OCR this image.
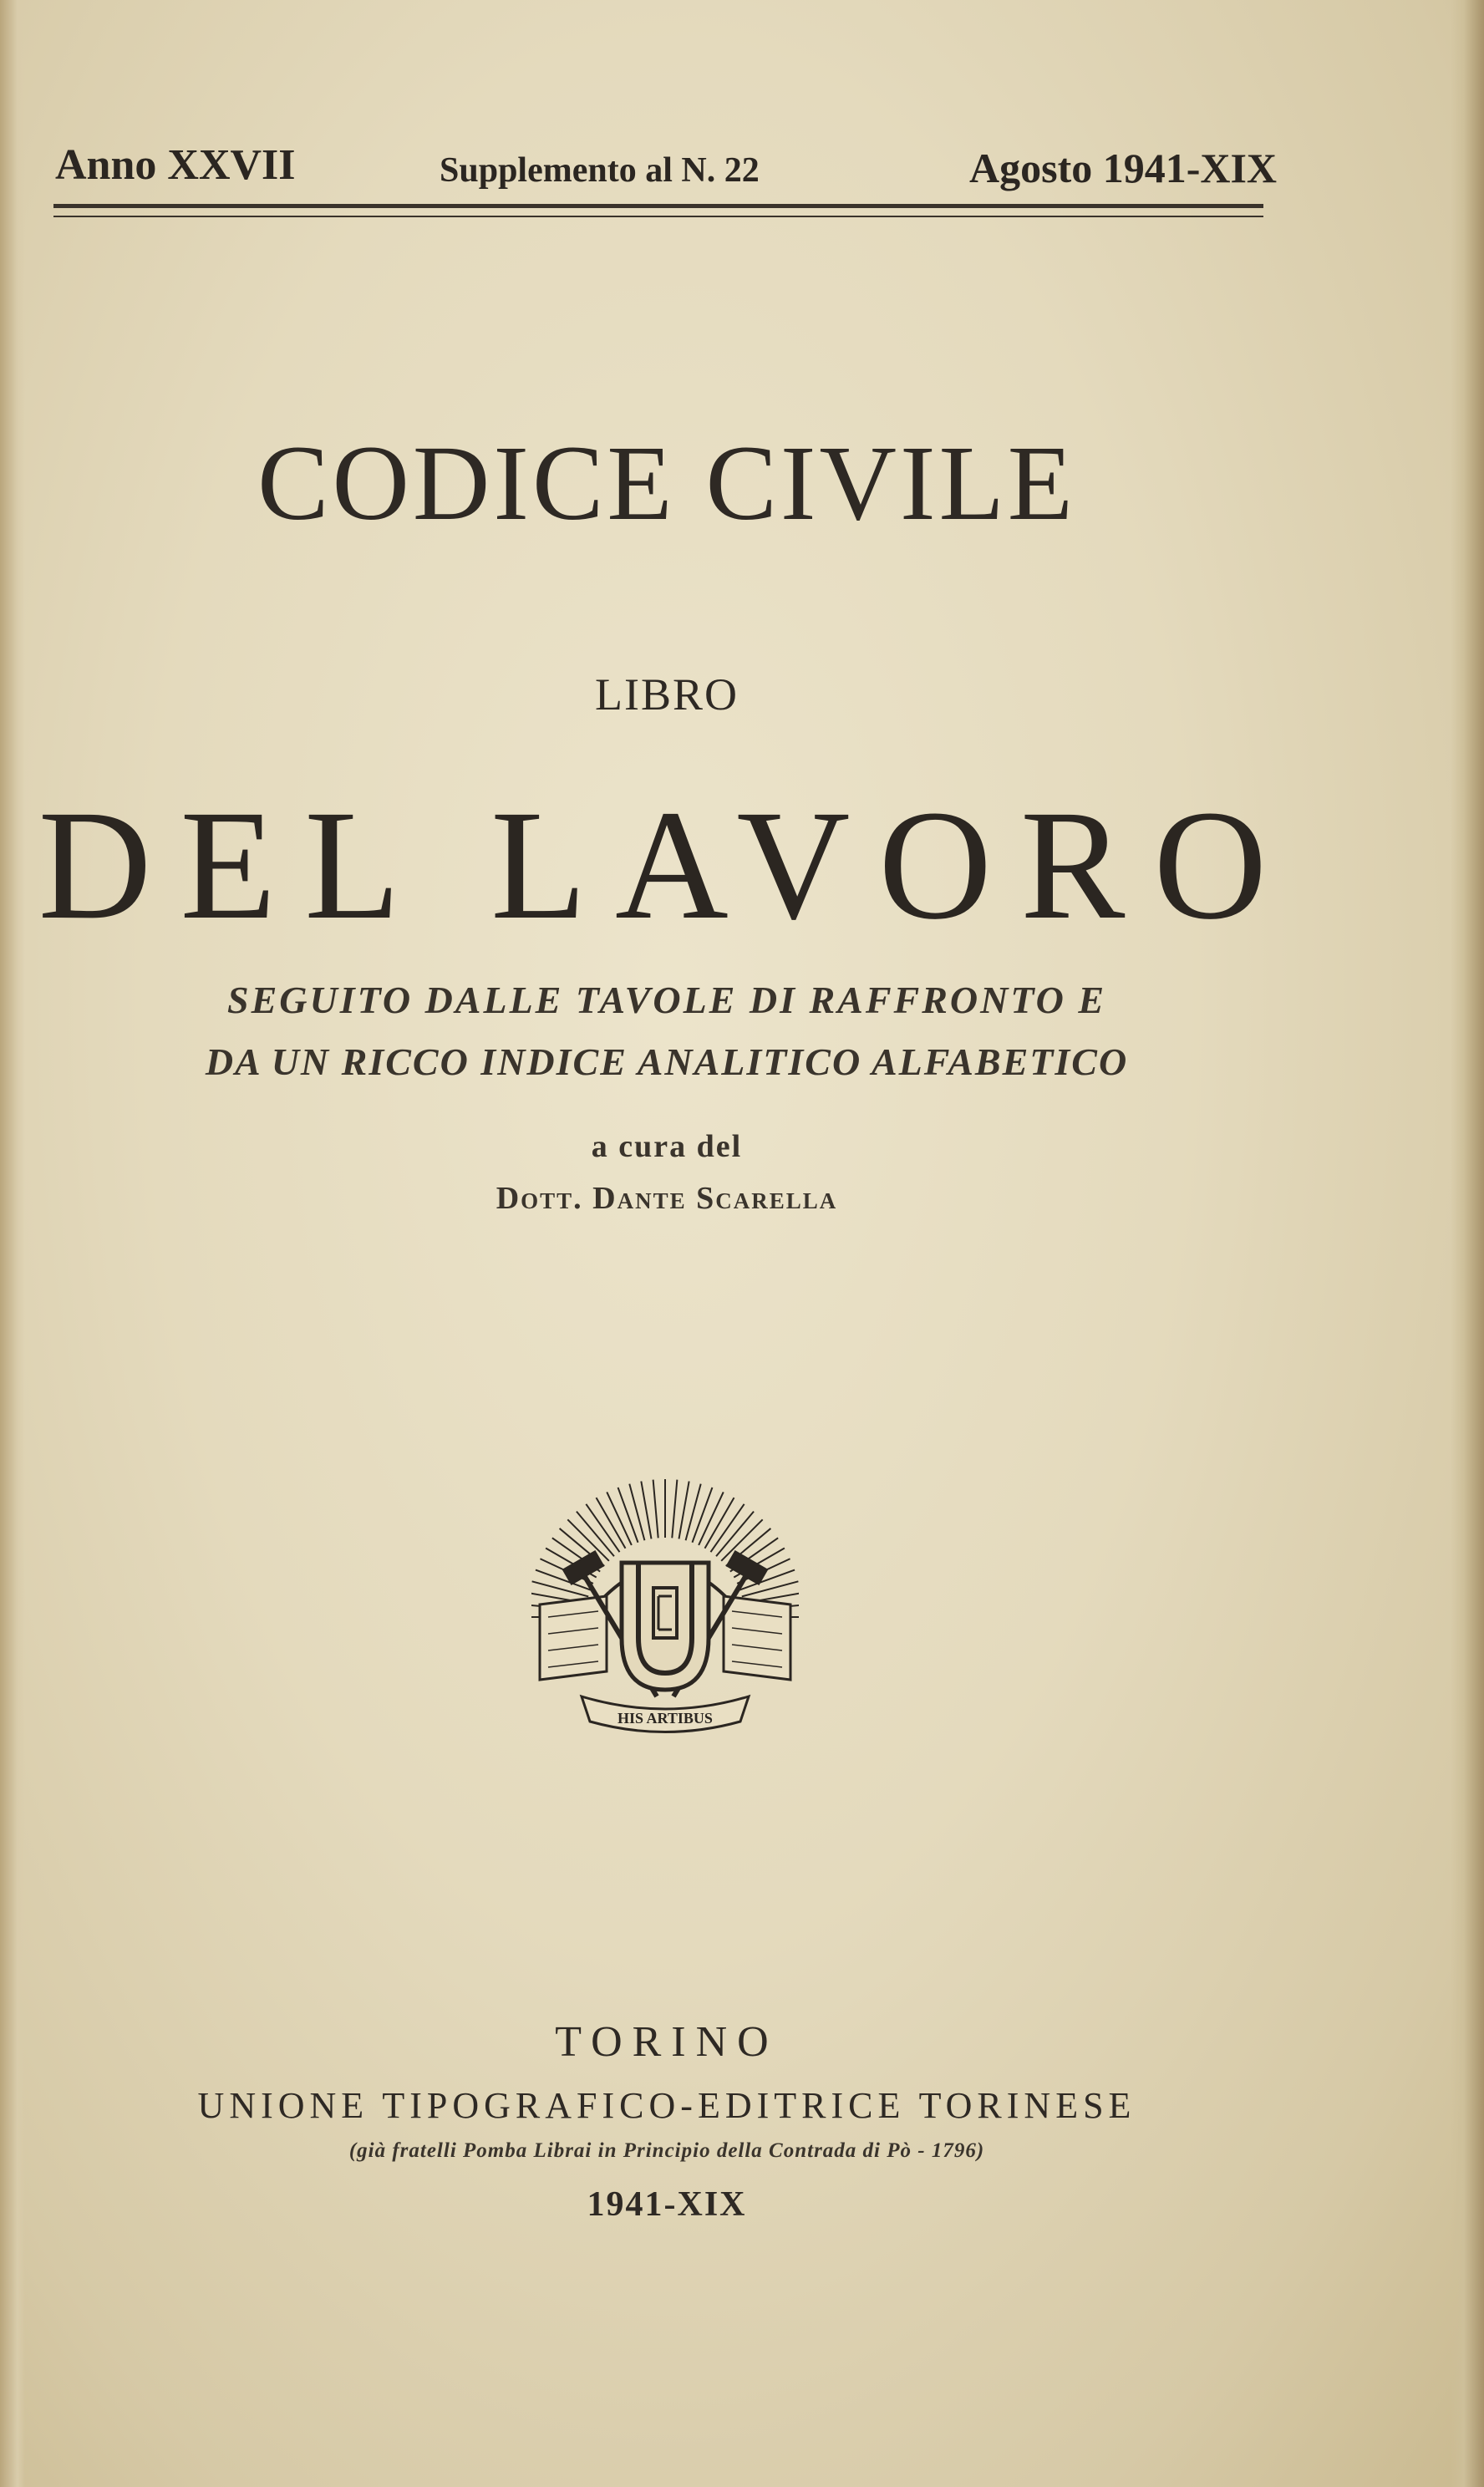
Anno XXVII	Supplemento al N. 22	Agosto 1941-XIX
CODICE CIVILE
LIBRO
DEL LAVORO
SEGUITO DALLE TAVOLE DI RAFFRONTO E
DA UN RICCO INDICE ANALITICO ALFABETICO
a cura del
Dott. Dante Scarella
HIS ARTIBUS
TORINO
UNIONE TIPOGRAFICO-EDITRICE TORINESE
(già fratelli Pomba Librai in Principio della Contrada di Pò - 1796)
1941-XIX
